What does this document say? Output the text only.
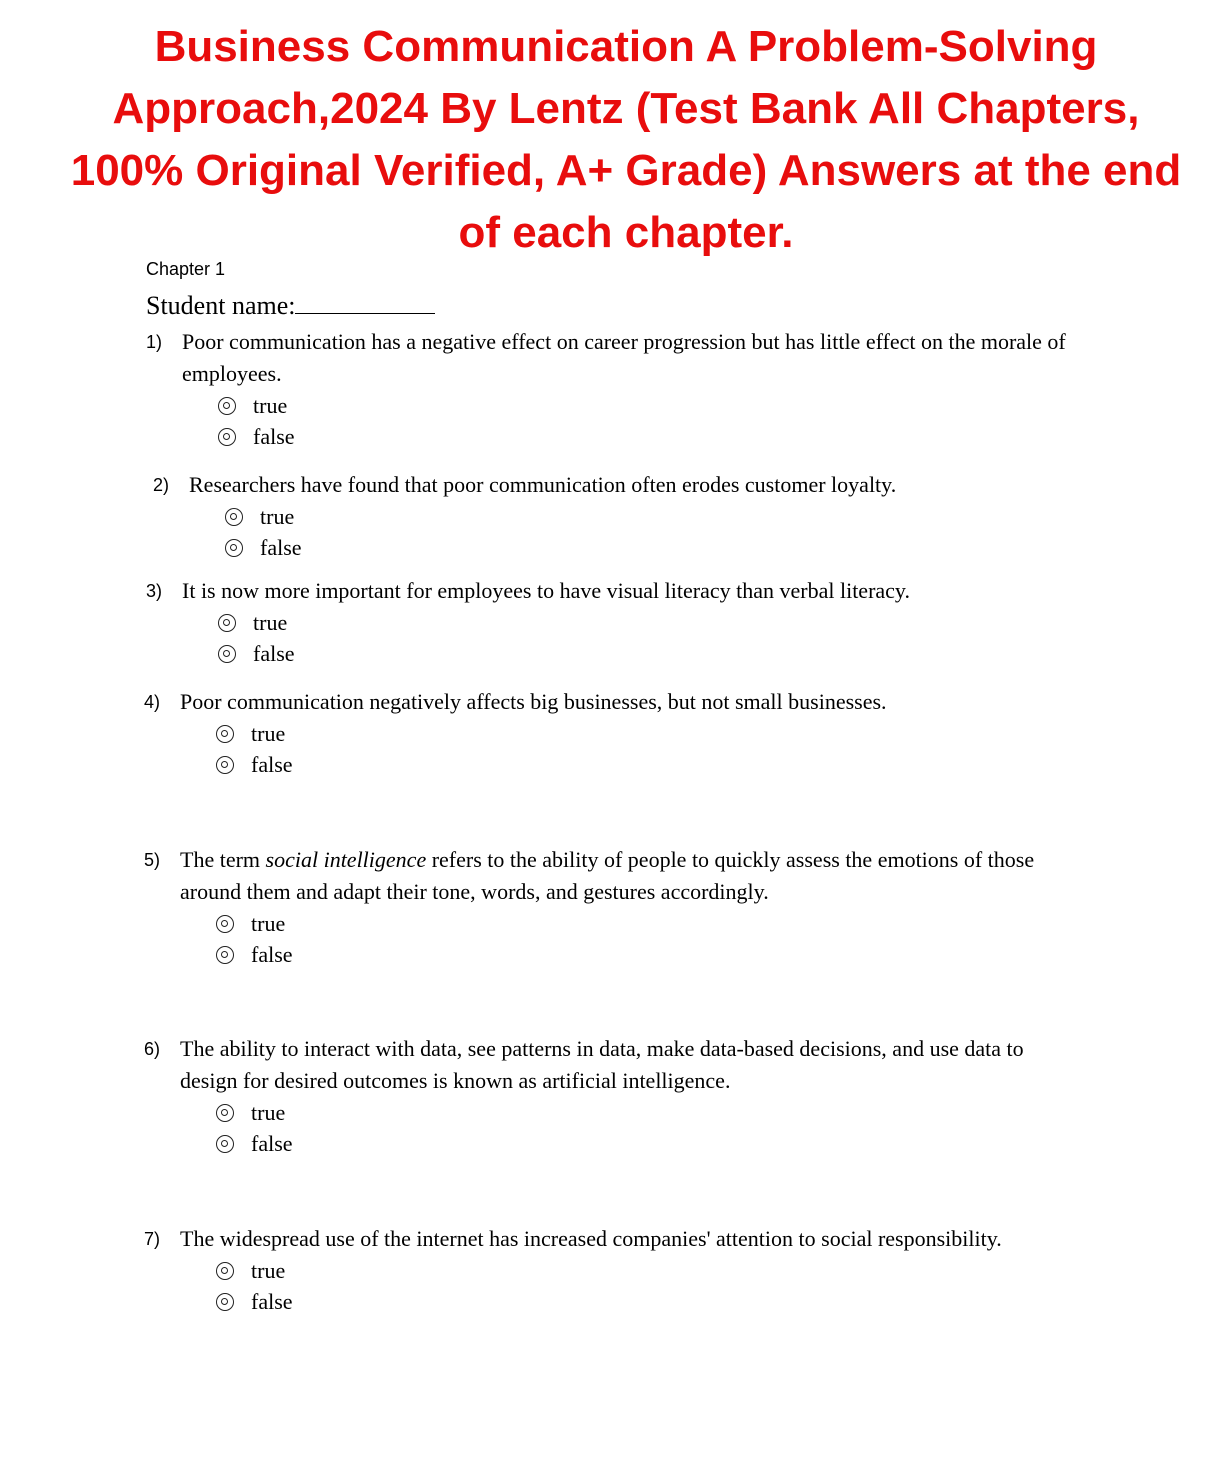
Business Communication A Problem-Solving Approach,2024 By Lentz (Test Bank All Chapters, 100% Original Verified, A+ Grade) Answers at the end of each chapter.
Chapter 1
Student name:
1) Poor communication has a negative effect on career progression but has little effect on the morale of employees.
true
false
2) Researchers have found that poor communication often erodes customer loyalty.
true
false
3) It is now more important for employees to have visual literacy than verbal literacy.
true
false
4) Poor communication negatively affects big businesses, but not small businesses.
true
false
5) The term social intelligence refers to the ability of people to quickly assess the emotions of those around them and adapt their tone, words, and gestures accordingly.
true
false
6) The ability to interact with data, see patterns in data, make data-based decisions, and use data to design for desired outcomes is known as artificial intelligence.
true
false
7) The widespread use of the internet has increased companies' attention to social responsibility.
true
false
